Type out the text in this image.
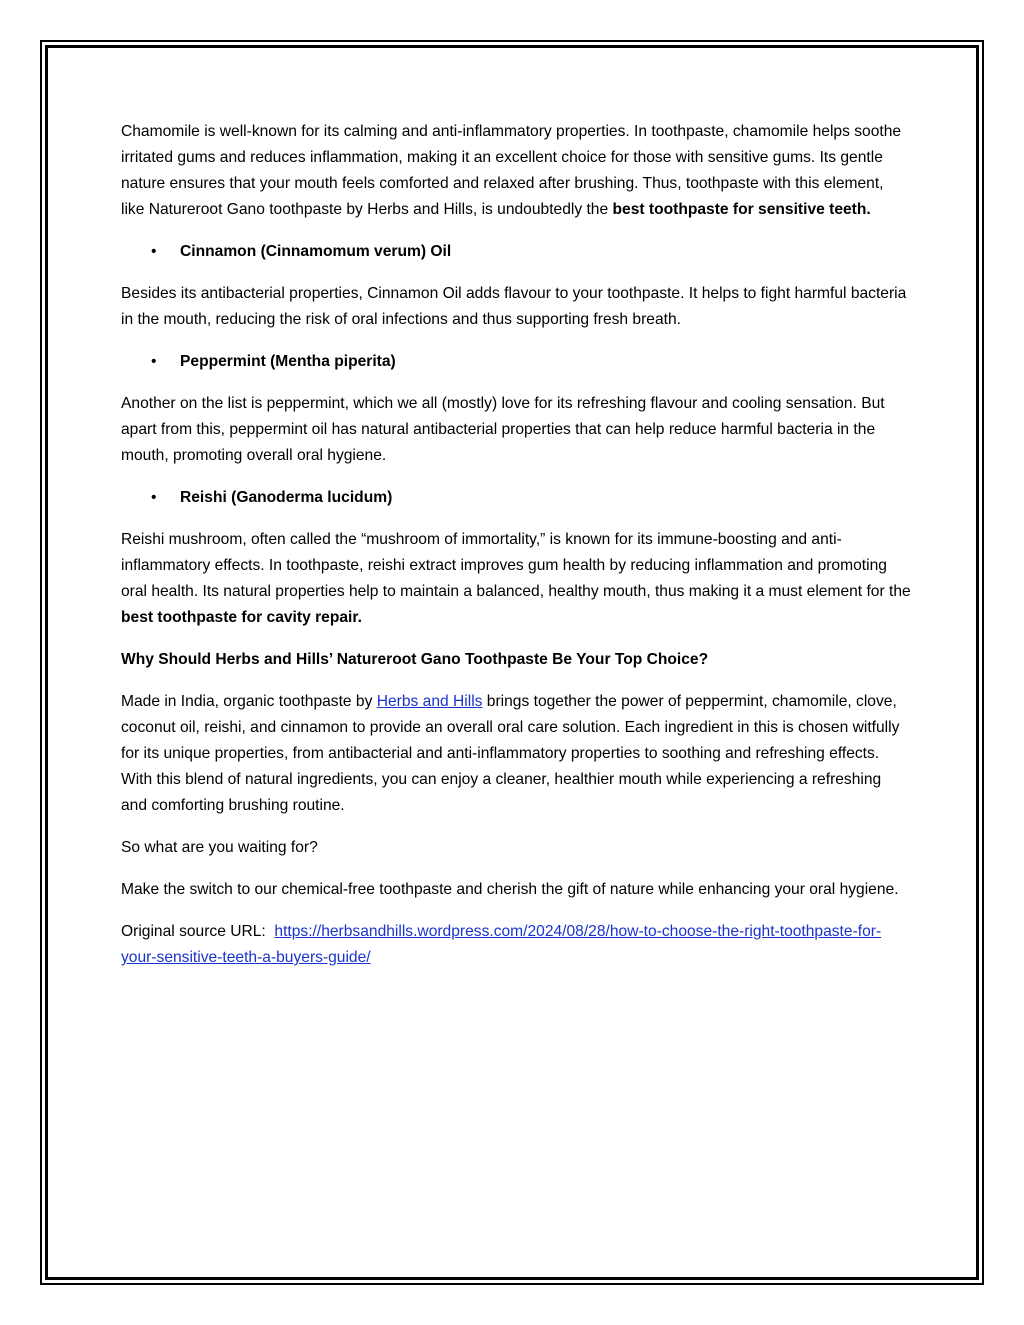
Chamomile is well-known for its calming and anti-inflammatory properties. In toothpaste, chamomile helps soothe irritated gums and reduces inflammation, making it an excellent choice for those with sensitive gums. Its gentle nature ensures that your mouth feels comforted and relaxed after brushing. Thus, toothpaste with this element, like Natureroot Gano toothpaste by Herbs and Hills, is undoubtedly the best toothpaste for sensitive teeth.

• Cinnamon (Cinnamomum verum) Oil

Besides its antibacterial properties, Cinnamon Oil adds flavour to your toothpaste. It helps to fight harmful bacteria in the mouth, reducing the risk of oral infections and thus supporting fresh breath.

• Peppermint (Mentha piperita)

Another on the list is peppermint, which we all (mostly) love for its refreshing flavour and cooling sensation. But apart from this, peppermint oil has natural antibacterial properties that can help reduce harmful bacteria in the mouth, promoting overall oral hygiene.

• Reishi (Ganoderma lucidum)

Reishi mushroom, often called the “mushroom of immortality,” is known for its immune-boosting and anti-inflammatory effects. In toothpaste, reishi extract improves gum health by reducing inflammation and promoting oral health. Its natural properties help to maintain a balanced, healthy mouth, thus making it a must element for the best toothpaste for cavity repair.

Why Should Herbs and Hills’ Natureroot Gano Toothpaste Be Your Top Choice?

Made in India, organic toothpaste by Herbs and Hills brings together the power of peppermint, chamomile, clove, coconut oil, reishi, and cinnamon to provide an overall oral care solution. Each ingredient in this is chosen witfully for its unique properties, from antibacterial and anti-inflammatory properties to soothing and refreshing effects. With this blend of natural ingredients, you can enjoy a cleaner, healthier mouth while experiencing a refreshing and comforting brushing routine.

So what are you waiting for?

Make the switch to our chemical-free toothpaste and cherish the gift of nature while enhancing your oral hygiene.

Original source URL:  https://herbsandhills.wordpress.com/2024/08/28/how-to-choose-the-right-toothpaste-for-your-sensitive-teeth-a-buyers-guide/
